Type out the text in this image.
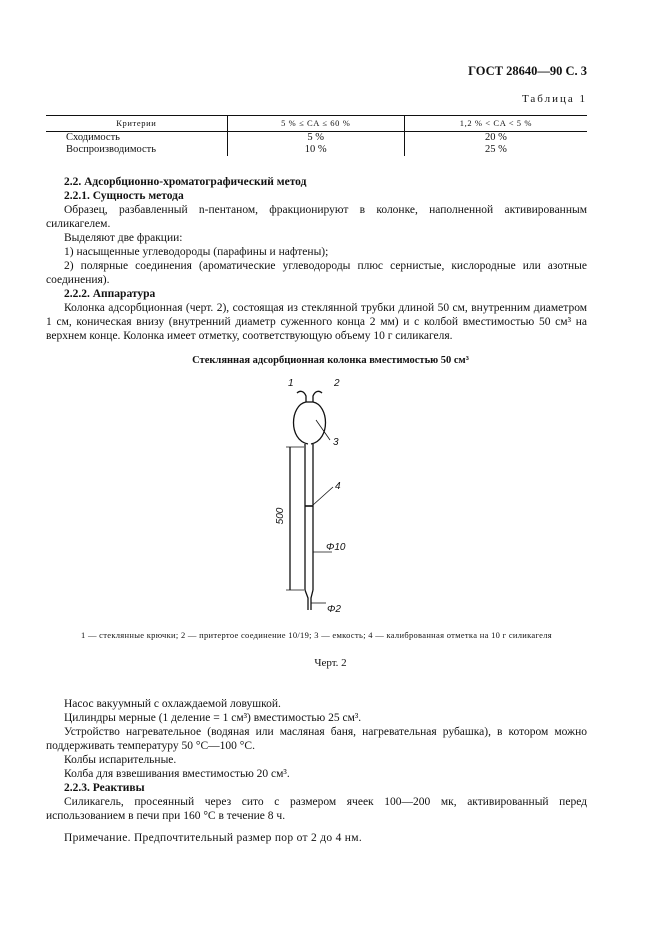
ГОСТ 28640—90 С. 3
Таблица 1
Критерии	5 % ≤ CA ≤ 60 %	1,2 % < CA < 5 %
Сходимость	5 %	20 %
Воспроизводимость	10 %	25 %

2.2. Адсорбционно-хроматографический метод

2.2.1. Сущность метода

Образец, разбавленный n-пентаном, фракционируют в колонке, наполненной активированным силикагелем.

Выделяют две фракции:

1) насыщенные углеводороды (парафины и нафтены);

2) полярные соединения (ароматические углеводороды плюс сернистые, кислородные или азотные соединения).

2.2.2. Аппаратура

Колонка адсорбционная (черт. 2), состоящая из стеклянной трубки длиной 50 см, внутренним диаметром 1 см, коническая внизу (внутренний диаметр суженного конца 2 мм) и с колбой вместимостью 50 см³ на верхнем конце. Колонка имеет отметку, соответствующую объему 10 г силикагеля.

Стеклянная адсорбционная колонка вместимостью 50 см³
1	2
3
4
Φ10
Φ2
500
1 — стеклянные крючки; 2 — притертое соединение 10/19; 3 — емкость; 4 — калиброванная отметка на 10 г силикагеля
Черт. 2

Насос вакуумный с охлаждаемой ловушкой.

Цилиндры мерные (1 деление = 1 см³) вместимостью 25 см³.

Устройство нагревательное (водяная или масляная баня, нагревательная рубашка), в котором можно поддерживать температуру 50 °С—100 °С.

Колбы испарительные.

Колба для взвешивания вместимостью 20 см³.

2.2.3. Реактивы

Силикагель, просеянный через сито с размером ячеек 100—200 мк, активированный перед использованием в печи при 160 °С в течение 8 ч.

Примечание. Предпочтительный размер пор от 2 до 4 нм.
